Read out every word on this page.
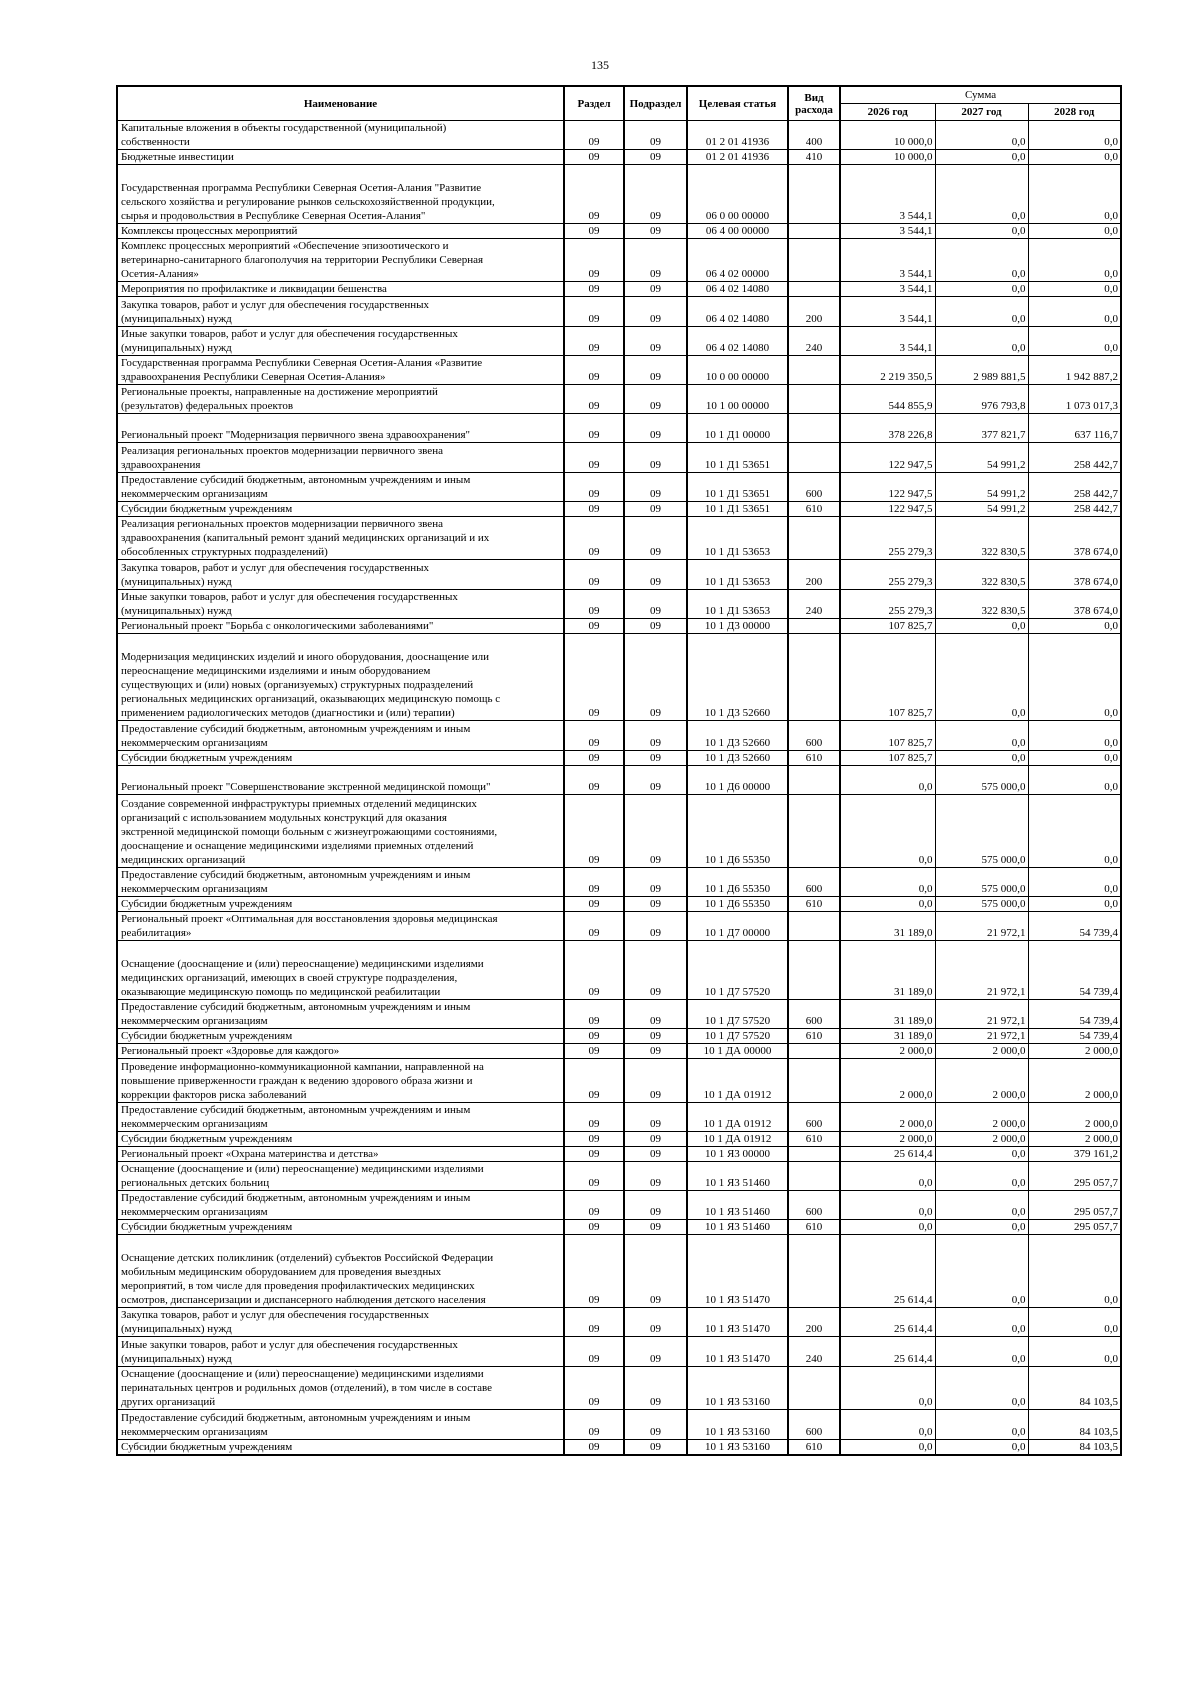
135
Наименование	Раздел	Подраздел	Целевая статья	Вид расхода	Сумма		
					2026 год	2027 год	2028 год
Капитальные вложения в объекты государственной (муниципальной)
собственности	09	09	01 2 01 41936	400	10 000,0	0,0	0,0
Бюджетные инвестиции	09	09	01 2 01 41936	410	10 000,0	0,0	0,0
Государственная программа Республики Северная Осетия-Алания "Развитие
сельского хозяйства и регулирование рынков сельскохозяйственной продукции,
сырья и продовольствия в Республике Северная Осетия-Алания"	09	09	06 0 00 00000		3 544,1	0,0	0,0
Комплексы процессных мероприятий	09	09	06 4 00 00000		3 544,1	0,0	0,0
Комплекс процессных мероприятий «Обеспечение эпизоотического и
ветеринарно-санитарного благополучия на территории Республики Северная
Осетия-Алания»	09	09	06 4 02 00000		3 544,1	0,0	0,0
Мероприятия по профилактике и ликвидации бешенства	09	09	06 4 02 14080		3 544,1	0,0	0,0
Закупка товаров, работ и услуг для обеспечения государственных
(муниципальных) нужд	09	09	06 4 02 14080	200	3 544,1	0,0	0,0
Иные закупки товаров, работ и услуг для обеспечения государственных
(муниципальных) нужд	09	09	06 4 02 14080	240	3 544,1	0,0	0,0
Государственная программа Республики Северная Осетия-Алания «Развитие
здравоохранения Республики Северная Осетия-Алания»	09	09	10 0 00 00000		2 219 350,5	2 989 881,5	1 942 887,2
Региональные проекты, направленные на достижение мероприятий
(результатов) федеральных проектов	09	09	10 1 00 00000		544 855,9	976 793,8	1 073 017,3
Региональный проект "Модернизация первичного звена здравоохранения"	09	09	10 1 Д1 00000		378 226,8	377 821,7	637 116,7
Реализация региональных проектов модернизации первичного звена
здравоохранения	09	09	10 1 Д1 53651		122 947,5	54 991,2	258 442,7
Предоставление субсидий бюджетным, автономным учреждениям и иным
некоммерческим организациям	09	09	10 1 Д1 53651	600	122 947,5	54 991,2	258 442,7
Субсидии бюджетным учреждениям	09	09	10 1 Д1 53651	610	122 947,5	54 991,2	258 442,7
Реализация региональных проектов модернизации первичного звена
здравоохранения (капитальный ремонт зданий медицинских организаций и их
обособленных структурных подразделений)	09	09	10 1 Д1 53653		255 279,3	322 830,5	378 674,0
Закупка товаров, работ и услуг для обеспечения государственных
(муниципальных) нужд	09	09	10 1 Д1 53653	200	255 279,3	322 830,5	378 674,0
Иные закупки товаров, работ и услуг для обеспечения государственных
(муниципальных) нужд	09	09	10 1 Д1 53653	240	255 279,3	322 830,5	378 674,0
Региональный проект "Борьба с онкологическими заболеваниями"	09	09	10 1 Д3 00000		107 825,7	0,0	0,0
Модернизация медицинских изделий и иного оборудования, дооснащение или
переоснащение медицинскими изделиями и иным оборудованием
существующих и (или) новых (организуемых) структурных подразделений
региональных медицинских организаций, оказывающих медицинскую помощь с
применением радиологических методов (диагностики и (или) терапии)	09	09	10 1 Д3 52660		107 825,7	0,0	0,0
Предоставление субсидий бюджетным, автономным учреждениям и иным
некоммерческим организациям	09	09	10 1 Д3 52660	600	107 825,7	0,0	0,0
Субсидии бюджетным учреждениям	09	09	10 1 Д3 52660	610	107 825,7	0,0	0,0
Региональный проект "Совершенствование экстренной медицинской помощи"	09	09	10 1 Д6 00000		0,0	575 000,0	0,0
Создание современной инфраструктуры приемных отделений медицинских
организаций с использованием модульных конструкций для оказания
экстренной медицинской помощи больным с жизнеугрожающими состояниями,
дооснащение и оснащение медицинскими изделиями приемных отделений
медицинских организаций	09	09	10 1 Д6 55350		0,0	575 000,0	0,0
Предоставление субсидий бюджетным, автономным учреждениям и иным
некоммерческим организациям	09	09	10 1 Д6 55350	600	0,0	575 000,0	0,0
Субсидии бюджетным учреждениям	09	09	10 1 Д6 55350	610	0,0	575 000,0	0,0
Региональный проект «Оптимальная для восстановления здоровья медицинская
реабилитация»	09	09	10 1 Д7 00000		31 189,0	21 972,1	54 739,4
Оснащение (дооснащение и (или) переоснащение) медицинскими изделиями
медицинских организаций, имеющих в своей структуре подразделения,
оказывающие медицинскую помощь по медицинской реабилитации	09	09	10 1 Д7 57520		31 189,0	21 972,1	54 739,4
Предоставление субсидий бюджетным, автономным учреждениям и иным
некоммерческим организациям	09	09	10 1 Д7 57520	600	31 189,0	21 972,1	54 739,4
Субсидии бюджетным учреждениям	09	09	10 1 Д7 57520	610	31 189,0	21 972,1	54 739,4
Региональный проект «Здоровье для каждого»	09	09	10 1 ДА 00000		2 000,0	2 000,0	2 000,0
Проведение информационно-коммуникационной кампании, направленной на
повышение приверженности граждан к ведению здорового образа жизни и
коррекции факторов риска заболеваний	09	09	10 1 ДА 01912		2 000,0	2 000,0	2 000,0
Предоставление субсидий бюджетным, автономным учреждениям и иным
некоммерческим организациям	09	09	10 1 ДА 01912	600	2 000,0	2 000,0	2 000,0
Субсидии бюджетным учреждениям	09	09	10 1 ДА 01912	610	2 000,0	2 000,0	2 000,0
Региональный проект «Охрана материнства и детства»	09	09	10 1 Я3 00000		25 614,4	0,0	379 161,2
Оснащение (дооснащение и (или) переоснащение) медицинскими изделиями
региональных детских больниц	09	09	10 1 Я3 51460		0,0	0,0	295 057,7
Предоставление субсидий бюджетным, автономным учреждениям и иным
некоммерческим организациям	09	09	10 1 Я3 51460	600	0,0	0,0	295 057,7
Субсидии бюджетным учреждениям	09	09	10 1 Я3 51460	610	0,0	0,0	295 057,7
Оснащение детских поликлиник (отделений) субъектов Российской Федерации
мобильным медицинским оборудованием для проведения выездных
мероприятий, в том числе для проведения профилактических медицинских
осмотров, диспансеризации и диспансерного наблюдения детского населения	09	09	10 1 Я3 51470		25 614,4	0,0	0,0
Закупка товаров, работ и услуг для обеспечения государственных
(муниципальных) нужд	09	09	10 1 Я3 51470	200	25 614,4	0,0	0,0
Иные закупки товаров, работ и услуг для обеспечения государственных
(муниципальных) нужд	09	09	10 1 Я3 51470	240	25 614,4	0,0	0,0
Оснащение (дооснащение и (или) переоснащение) медицинскими изделиями
перинатальных центров и родильных домов (отделений), в том числе в составе
других организаций	09	09	10 1 Я3 53160		0,0	0,0	84 103,5
Предоставление субсидий бюджетным, автономным учреждениям и иным
некоммерческим организациям	09	09	10 1 Я3 53160	600	0,0	0,0	84 103,5
Субсидии бюджетным учреждениям	09	09	10 1 Я3 53160	610	0,0	0,0	84 103,5
